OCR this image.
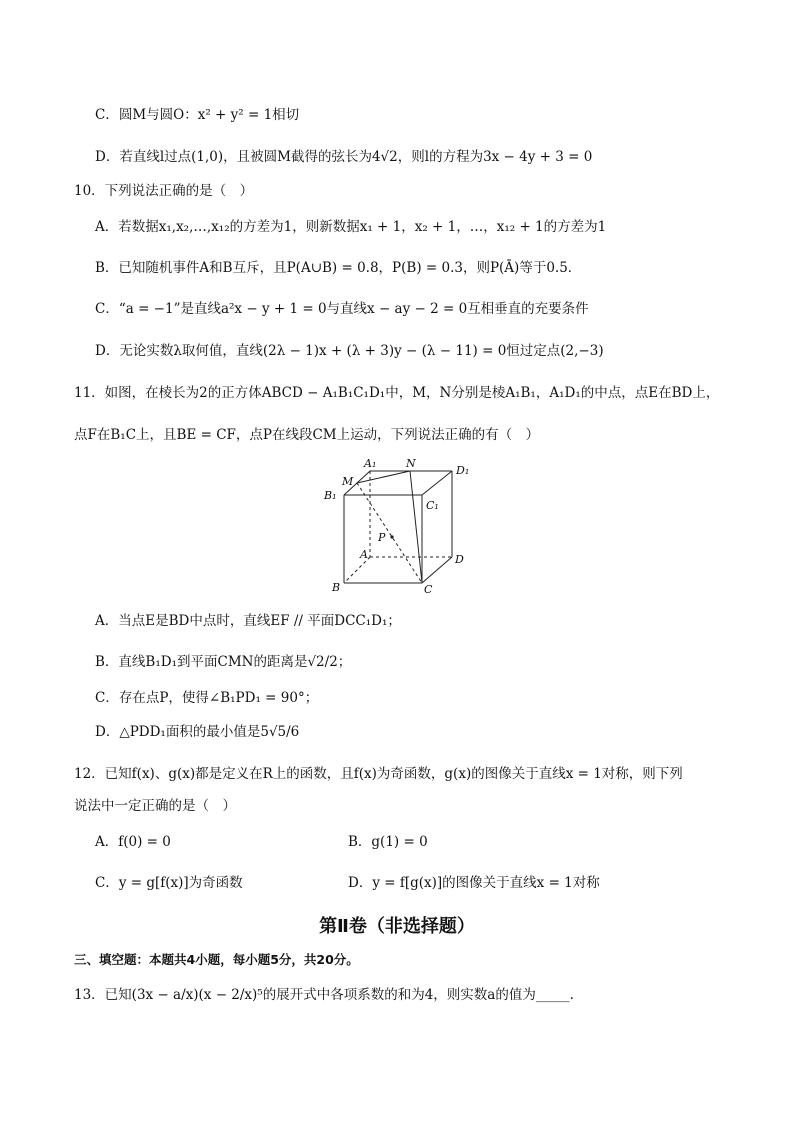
C．圆M与圆O：x² + y² = 1相切
D．若直线l过点(1,0)，且被圆M截得的弦长为4√2，则l的方程为3x − 4y + 3 = 0
10．下列说法正确的是（　）
A．若数据x₁,x₂,…,x₁₂的方差为1，则新数据x₁ + 1，x₂ + 1，…，x₁₂ + 1的方差为1
B．已知随机事件A和B互斥，且P(A∪B) = 0.8，P(B) = 0.3，则P(Ā)等于0.5．
C．“a = −1”是直线a²x − y + 1 = 0与直线x − ay − 2 = 0互相垂直的充要条件
D．无论实数λ取何值，直线(2λ − 1)x + (λ + 3)y − (λ − 11) = 0恒过定点(2,−3)
11．如图，在棱长为2的正方体ABCD − A₁B₁C₁D₁中，M，N分别是棱A₁B₁，A₁D₁的中点，点E在BD上，
点F在B₁C上，且BE = CF，点P在线段CM上运动，下列说法正确的有（　）
A₁	N
D₁
M
B₁
C₁
P
A	D
B	C
A．当点E是BD中点时，直线EF // 平面DCC₁D₁；
B．直线B₁D₁到平面CMN的距离是√2/2；
C．存在点P，使得∠B₁PD₁ = 90°；
D．△PDD₁面积的最小值是5√5/6
12．已知f(x)、g(x)都是定义在R上的函数，且f(x)为奇函数，g(x)的图像关于直线x = 1对称，则下列
说法中一定正确的是（　）
A．f(0) = 0	B．g(1) = 0
C．y = g[f(x)]为奇函数	D．y = f[g(x)]的图像关于直线x = 1对称
第Ⅱ卷（非选择题）
三、填空题：本题共4小题，每小题5分，共20分。
13．已知(3x − a/x)(x − 2/x)⁵的展开式中各项系数的和为4，则实数a的值为_____.
